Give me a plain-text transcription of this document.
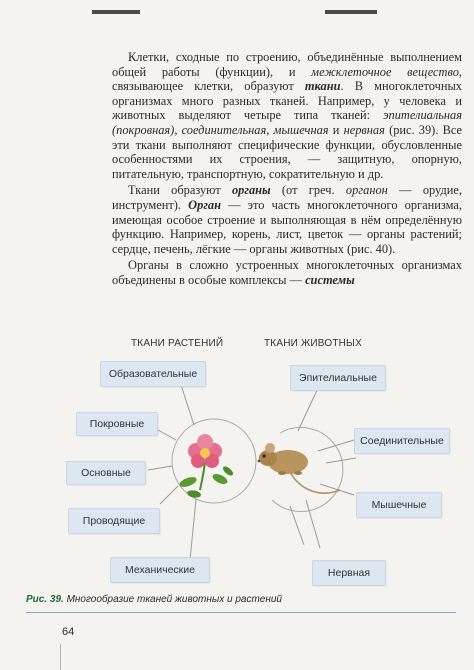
Клетки, сходные по строению, объединённые выполнением общей работы (функции), и межклеточное вещество, связывающее клетки, образуют ткани. В многоклеточных организмах много разных тканей. Например, у человека и животных выделяют четыре типа тканей: эпителиальная (покровная), соединительная, мышечная и нервная (рис. 39). Все эти ткани выполняют специфические функции, обусловленные особенностями их строения, — защитную, опорную, питательную, транспортную, сократительную и др.

Ткани образуют органы (от греч. органон — орудие, инструмент). Орган — это часть многоклеточного организма, имеющая особое строение и выполняющая в нём определённую функцию. Например, корень, лист, цветок — органы растений; сердце, печень, лёгкие — органы животных (рис. 40).

Органы в сложно устроенных многоклеточных организмах объединены в особые комплексы — системы

ТКАНИ РАСТЕНИЙ	ТКАНИ ЖИВОТНЫХ
Образовательные
Покровные
Основные
Проводящие
Механические
Эпителиальные
Соединительные
Мышечные
Нервная
Рис. 39. Многообразие тканей животных и растений
64
